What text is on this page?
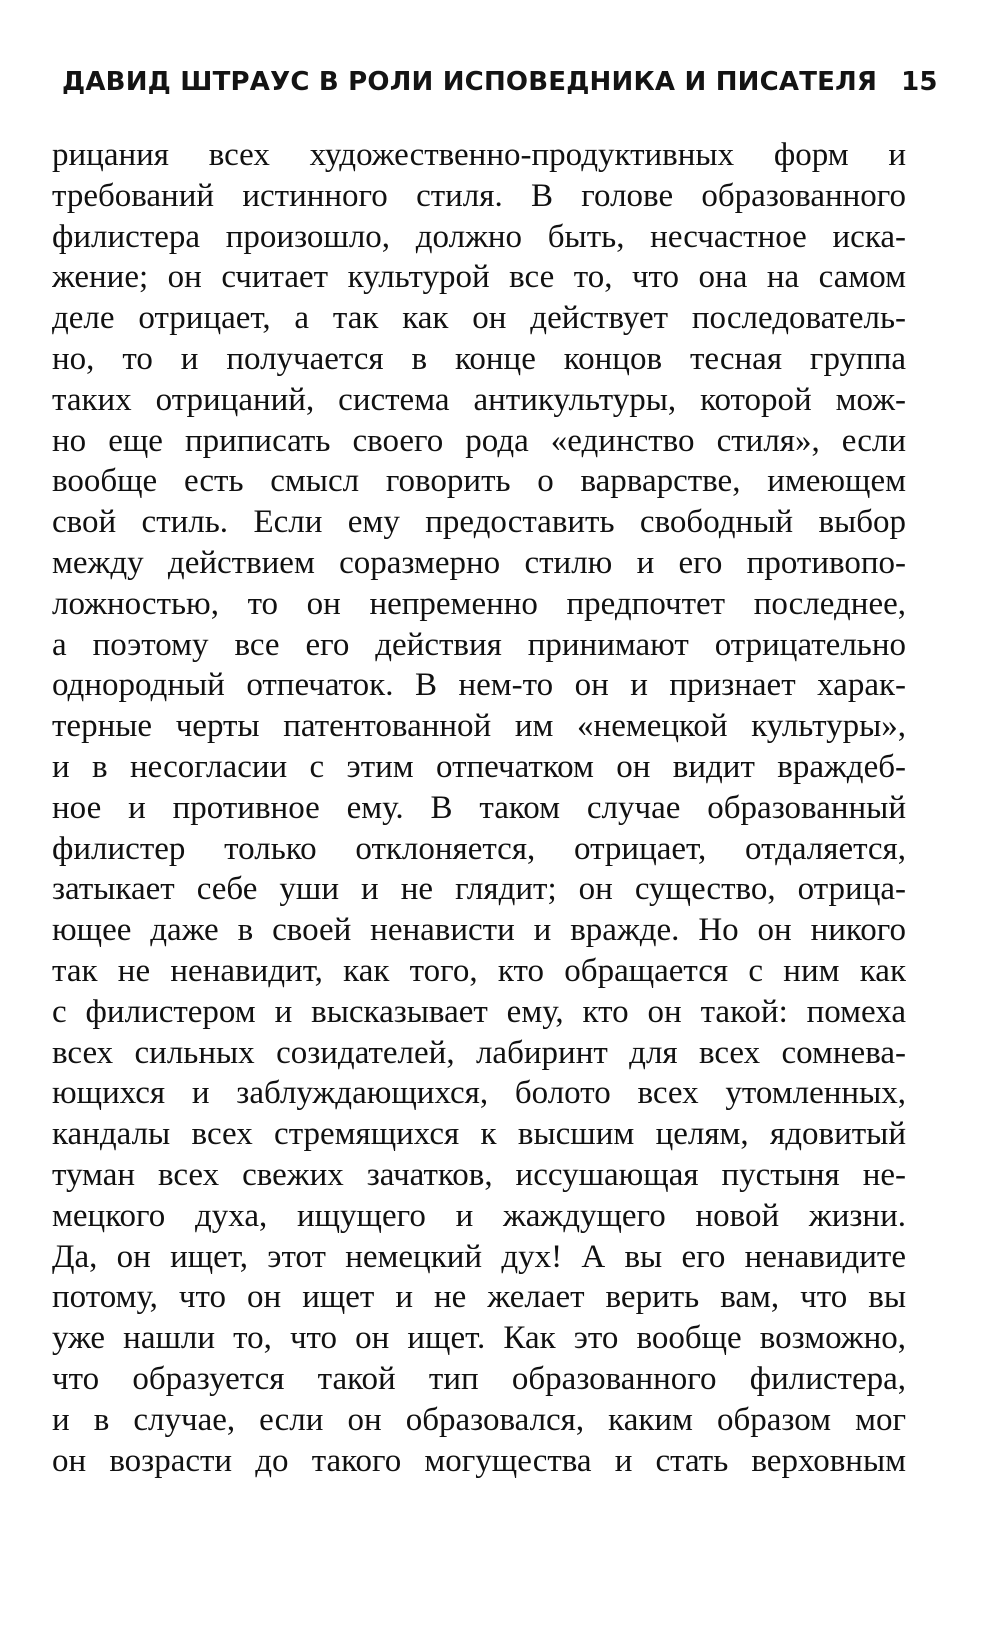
ДАВИД ШТРАУС В РОЛИ ИСПОВЕДНИКА И ПИСАТЕЛЯ 15
рицания всех художественно-продуктивных форм и
требований истинного стиля. В голове образованного
филистера произошло, должно быть, несчастное иска-
жение; он считает культурой все то, что она на самом
деле отрицает, а так как он действует последователь-
но, то и получается в конце концов тесная группа
таких отрицаний, система антикультуры, которой мож-
но еще приписать своего рода «единство стиля», если
вообще есть смысл говорить о варварстве, имеющем
свой стиль. Если ему предоставить свободный выбор
между действием соразмерно стилю и его противопо-
ложностью, то он непременно предпочтет последнее,
а поэтому все его действия принимают отрицательно
однородный отпечаток. В нем-то он и признает харак-
терные черты патентованной им «немецкой культуры»,
и в несогласии с этим отпечатком он видит враждеб-
ное и противное ему. В таком случае образованный
филистер только отклоняется, отрицает, отдаляется,
затыкает себе уши и не глядит; он существо, отрица-
ющее даже в своей ненависти и вражде. Но он никого
так не ненавидит, как того, кто обращается с ним как
с филистером и высказывает ему, кто он такой: помеха
всех сильных созидателей, лабиринт для всех сомнева-
ющихся и заблуждающихся, болото всех утомленных,
кандалы всех стремящихся к высшим целям, ядовитый
туман всех свежих зачатков, иссушающая пустыня не-
мецкого духа, ищущего и жаждущего новой жизни.
Да, он ищет, этот немецкий дух! А вы его ненавидите
потому, что он ищет и не желает верить вам, что вы
уже нашли то, что он ищет. Как это вообще возможно,
что образуется такой тип образованного филистера,
и в случае, если он образовался, каким образом мог
он возрасти до такого могущества и стать верховным
